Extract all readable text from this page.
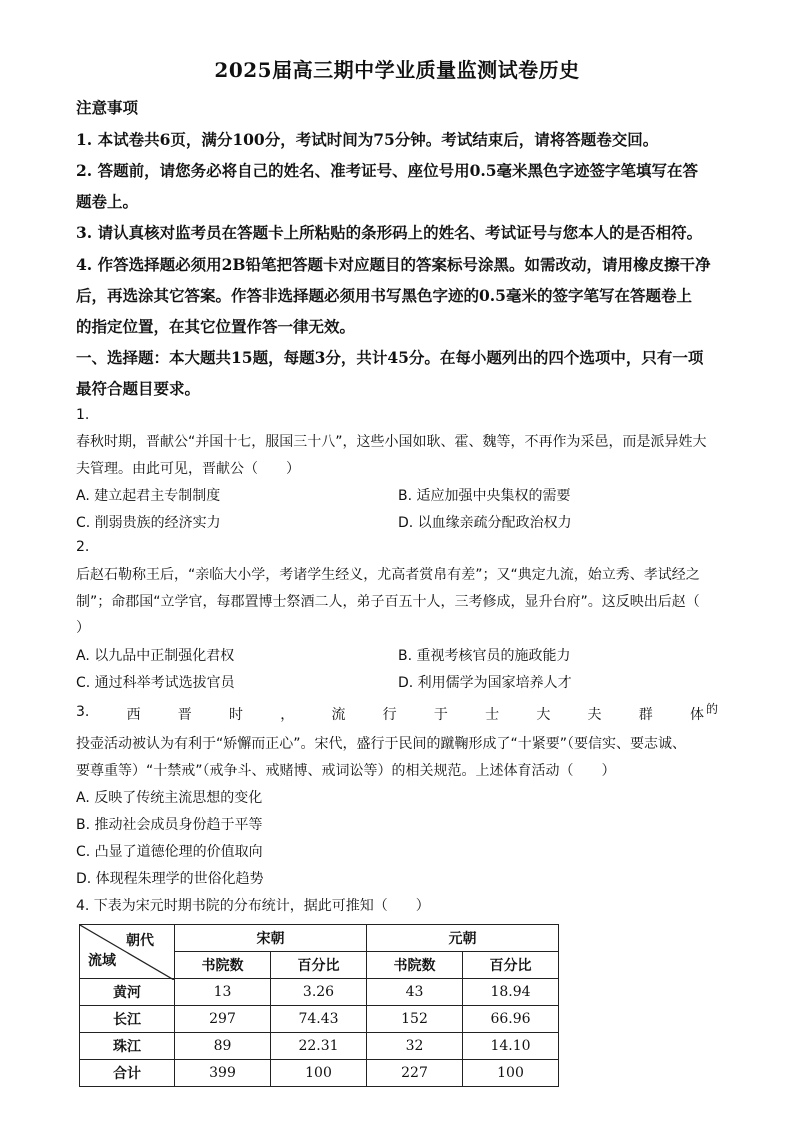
2025届高三期中学业质量监测试卷历史
注意事项
1. 本试卷共6页，满分100分，考试时间为75分钟。考试结束后，请将答题卷交回。
2. 答题前，请您务必将自己的姓名、准考证号、座位号用0.5毫米黑色字迹签字笔填写在答
题卷上。
3. 请认真核对监考员在答题卡上所粘贴的条形码上的姓名、考试证号与您本人的是否相符。
4. 作答选择题必须用2B铅笔把答题卡对应题目的答案标号涂黑。如需改动，请用橡皮擦干净
后，再选涂其它答案。作答非选择题必须用书写黑色字迹的0.5毫米的签字笔写在答题卷上
的指定位置，在其它位置作答一律无效。
一、选择题：本大题共15题，每题3分，共计45分。在每小题列出的四个选项中，只有一项
最符合题目要求。
1.
春秋时期，晋献公“并国十七，服国三十八”，这些小国如耿、霍、魏等，不再作为采邑，而是派异姓大
夫管理。由此可见，晋献公（　　）
A. 建立起君主专制制度	B. 适应加强中央集权的需要
C. 削弱贵族的经济实力	D. 以血缘亲疏分配政治权力
2.
后赵石勒称王后，“亲临大小学，考诸学生经义，尤高者赏帛有差”；又“典定九流，始立秀、孝试经之
制”；命郡国“立学官，每郡置博士祭酒二人，弟子百五十人，三考修成，显升台府”。这反映出后赵（
）
A. 以九品中正制强化君权	B. 重视考核官员的施政能力
C. 通过科举考试选拔官员	D. 利用儒学为国家培养人才
3.	西	晋	时	，	流	行	于	士	大	夫	群	体 的
投壶活动被认为有利于“矫懈而正心”。宋代，盛行于民间的蹴鞠形成了“十紧要”（要信实、要志诚、
要尊重等）“十禁戒”（戒争斗、戒赌博、戒词讼等）的相关规范。上述体育活动（　　）
A. 反映了传统主流思想的变化
B. 推动社会成员身份趋于平等
C. 凸显了道德伦理的价值取向
D. 体现程朱理学的世俗化趋势
4. 下表为宋元时期书院的分布统计，据此可推知（　　）
朝代
流域	宋朝		元朝	
	书院数	百分比	书院数	百分比
黄河	13	3.26	43	18.94
长江	297	74.43	152	66.96
珠江	89	22.31	32	14.10
合计	399	100	227	100
